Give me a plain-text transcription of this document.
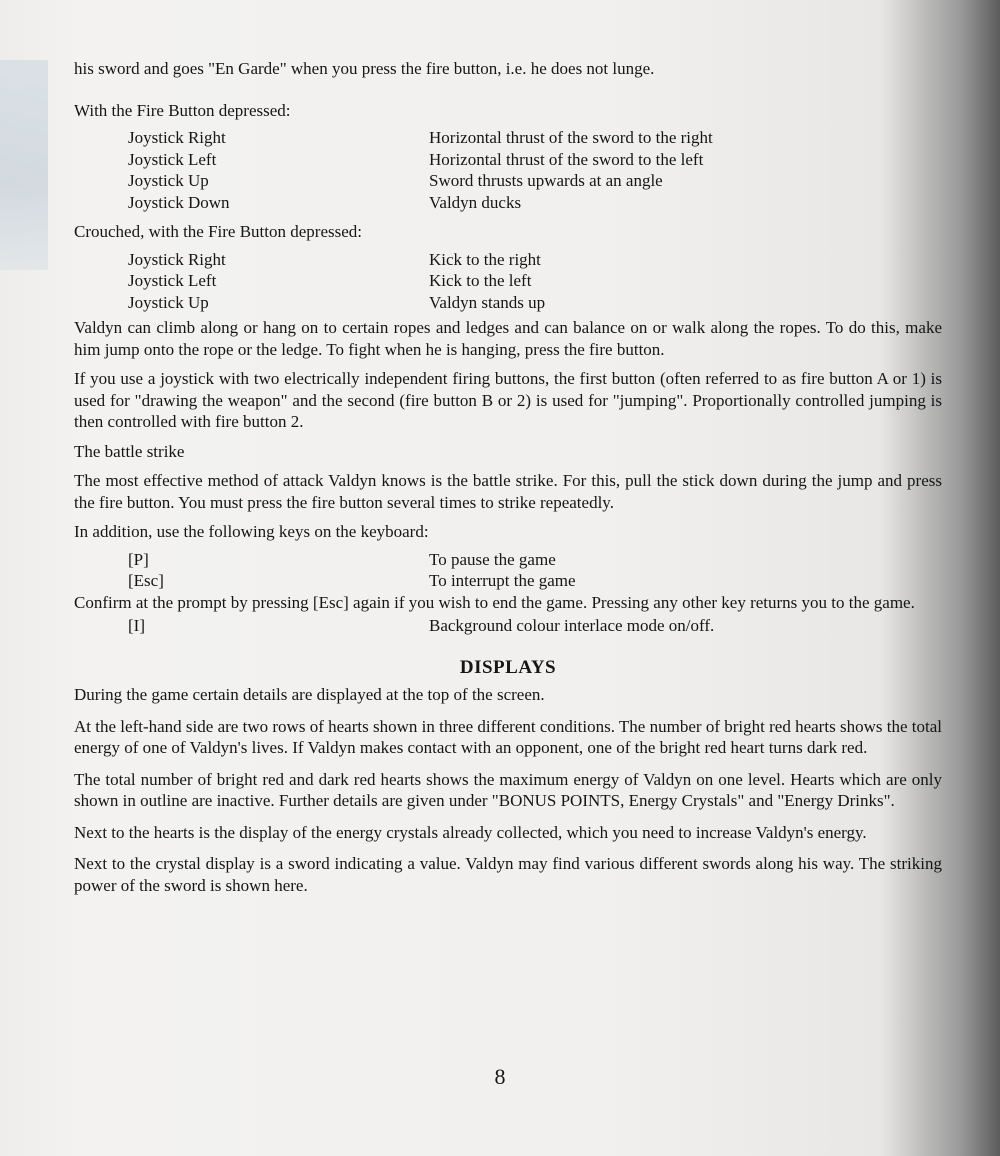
his sword and goes "En Garde" when you press the fire button, i.e. he does not lunge.

With the Fire Button depressed:

Joystick Right	Horizontal thrust of the sword to the right
Joystick Left	Horizontal thrust of the sword to the left
Joystick Up	Sword thrusts upwards at an angle
Joystick Down	Valdyn ducks

Crouched, with the Fire Button depressed:

Joystick Right	Kick to the right
Joystick Left	Kick to the left
Joystick Up	Valdyn stands up

Valdyn can climb along or hang on to certain ropes and ledges and can balance on or walk along the ropes. To do this, make him jump onto the rope or the ledge. To fight when he is hanging, press the fire button.

If you use a joystick with two electrically independent firing buttons, the first button (often referred to as fire button A or 1) is used for "drawing the weapon" and the second (fire button B or 2) is used for "jumping". Proportionally controlled jumping is then controlled with fire button 2.

The battle strike

The most effective method of attack Valdyn knows is the battle strike. For this, pull the stick down during the jump and press the fire button. You must press the fire button several times to strike repeatedly.

In addition, use the following keys on the keyboard:

[P]	To pause the game
[Esc]	To interrupt the game

Confirm at the prompt by pressing [Esc] again if you wish to end the game. Pressing any other key returns you to the game.

[I]	Background colour interlace mode on/off.
DISPLAYS

During the game certain details are displayed at the top of the screen.

At the left-hand side are two rows of hearts shown in three different conditions. The number of bright red hearts shows the total energy of one of Valdyn's lives. If Valdyn makes contact with an opponent, one of the bright red heart turns dark red.

The total number of bright red and dark red hearts shows the maximum energy of Valdyn on one level. Hearts which are only shown in outline are inactive. Further details are given under "BONUS POINTS, Energy Crystals" and "Energy Drinks".

Next to the hearts is the display of the energy crystals already collected, which you need to increase Valdyn's energy.

Next to the crystal display is a sword indicating a value. Valdyn may find various different swords along his way. The striking power of the sword is shown here.

8
